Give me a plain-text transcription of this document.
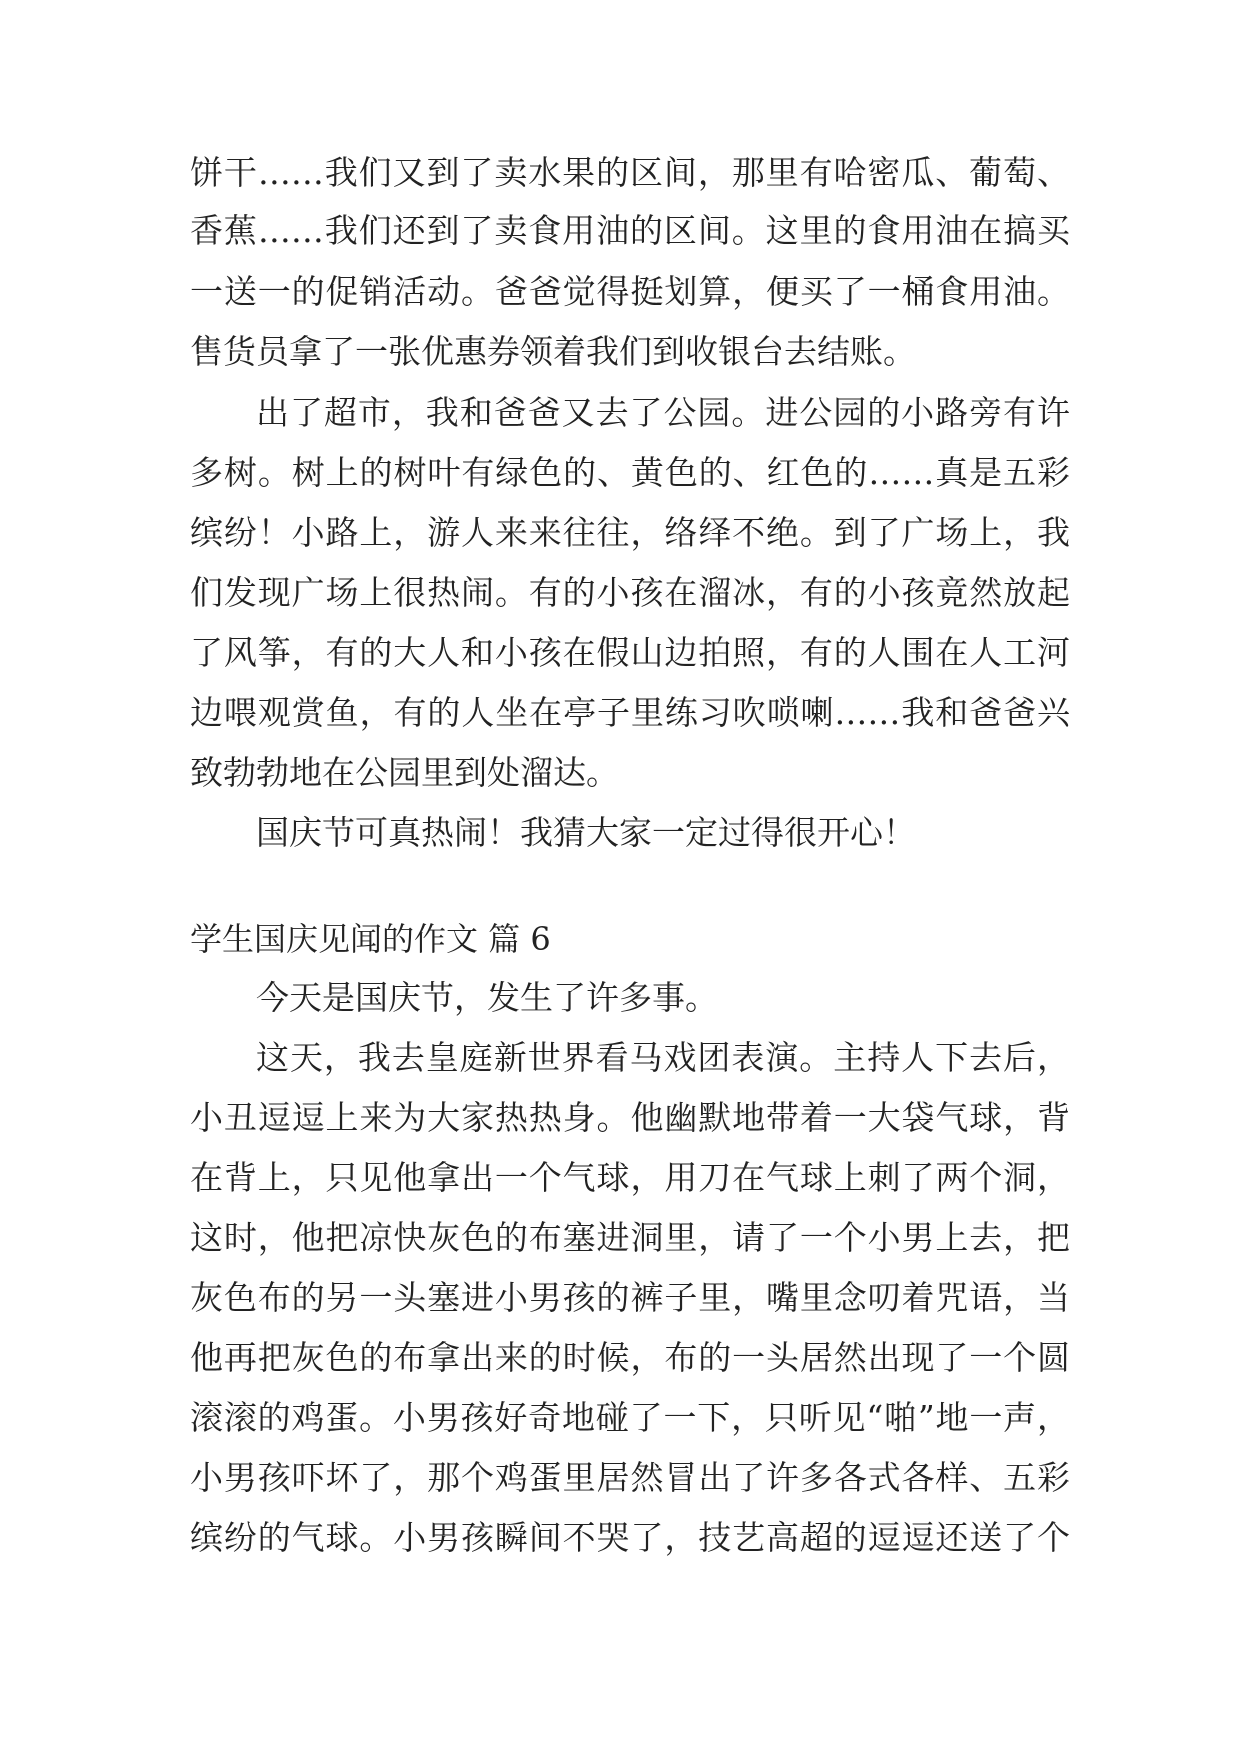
饼干……我们又到了卖水果的区间，那里有哈密瓜、葡萄、
香蕉……我们还到了卖食用油的区间。这里的食用油在搞买
一送一的促销活动。爸爸觉得挺划算，便买了一桶食用油。
售货员拿了一张优惠券领着我们到收银台去结账。
出了超市，我和爸爸又去了公园。进公园的小路旁有许
多树。树上的树叶有绿色的、黄色的、红色的……真是五彩
缤纷！小路上，游人来来往往，络绎不绝。到了广场上，我
们发现广场上很热闹。有的小孩在溜冰，有的小孩竟然放起
了风筝，有的大人和小孩在假山边拍照，有的人围在人工河
边喂观赏鱼，有的人坐在亭子里练习吹唢喇……我和爸爸兴
致勃勃地在公园里到处溜达。
国庆节可真热闹！我猜大家一定过得很开心！
学生国庆见闻的作文 篇 6
今天是国庆节，发生了许多事。
这天，我去皇庭新世界看马戏团表演。主持人下去后，
小丑逗逗上来为大家热热身。他幽默地带着一大袋气球，背
在背上，只见他拿出一个气球，用刀在气球上刺了两个洞，
这时，他把凉快灰色的布塞进洞里，请了一个小男上去，把
灰色布的另一头塞进小男孩的裤子里，嘴里念叨着咒语，当
他再把灰色的布拿出来的时候，布的一头居然出现了一个圆
滚滚的鸡蛋。小男孩好奇地碰了一下，只听见“啪”地一声，
小男孩吓坏了，那个鸡蛋里居然冒出了许多各式各样、五彩
缤纷的气球。小男孩瞬间不哭了，技艺高超的逗逗还送了个
